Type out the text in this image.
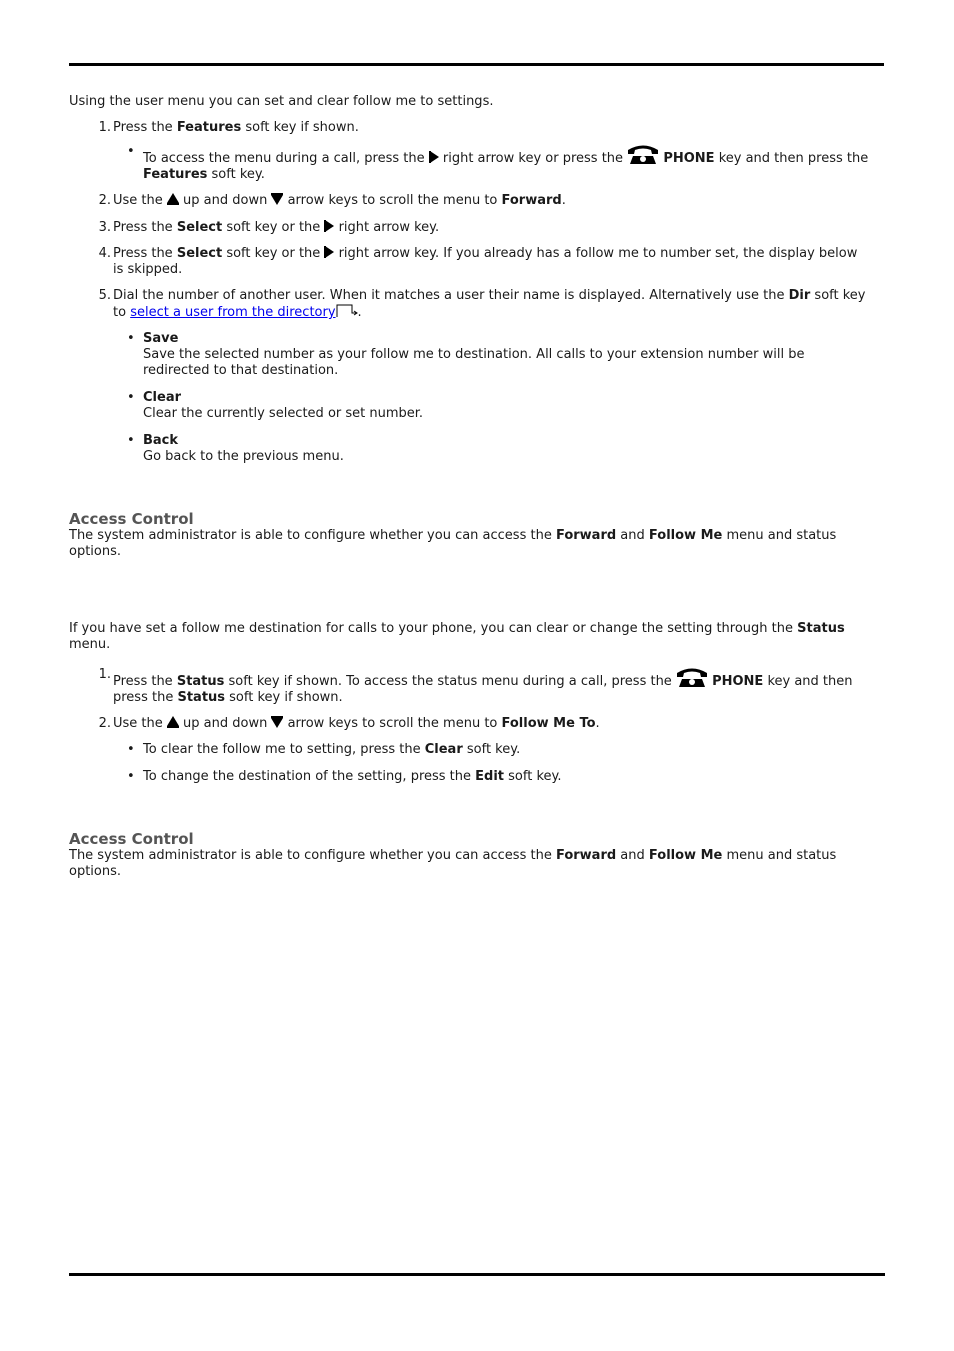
Using the user menu you can set and clear follow me to settings.

1. Press the Features soft key if shown.
• To access the menu during a call, press the  right arrow key or press the	PHONE key and then press the Features soft key.
2. Use the  up and down  arrow keys to scroll the menu to Forward.
3. Press the Select soft key or the  right arrow key.
4. Press the Select soft key or the  right arrow key. If you already has a follow me to number set, the display below is skipped.
5. Dial the number of another user. When it matches a user their name is displayed. Alternatively use the Dir soft key to select a user from the directory .
• Save
Save the selected number as your follow me to destination. All calls to your extension number will be redirected to that destination.
• Clear
Clear the currently selected or set number.
• Back
Go back to the previous menu.
Access Control

The system administrator is able to configure whether you can access the Forward and Follow Me menu and status options.

If you have set a follow me destination for calls to your phone, you can clear or change the setting through the Status menu.

1. Press the Status soft key if shown. To access the status menu during a call, press the	PHONE key and then press the Status soft key if shown.
2. Use the  up and down  arrow keys to scroll the menu to Follow Me To.
• To clear the follow me to setting, press the Clear soft key.
• To change the destination of the setting, press the Edit soft key.
Access Control

The system administrator is able to configure whether you can access the Forward and Follow Me menu and status options.
